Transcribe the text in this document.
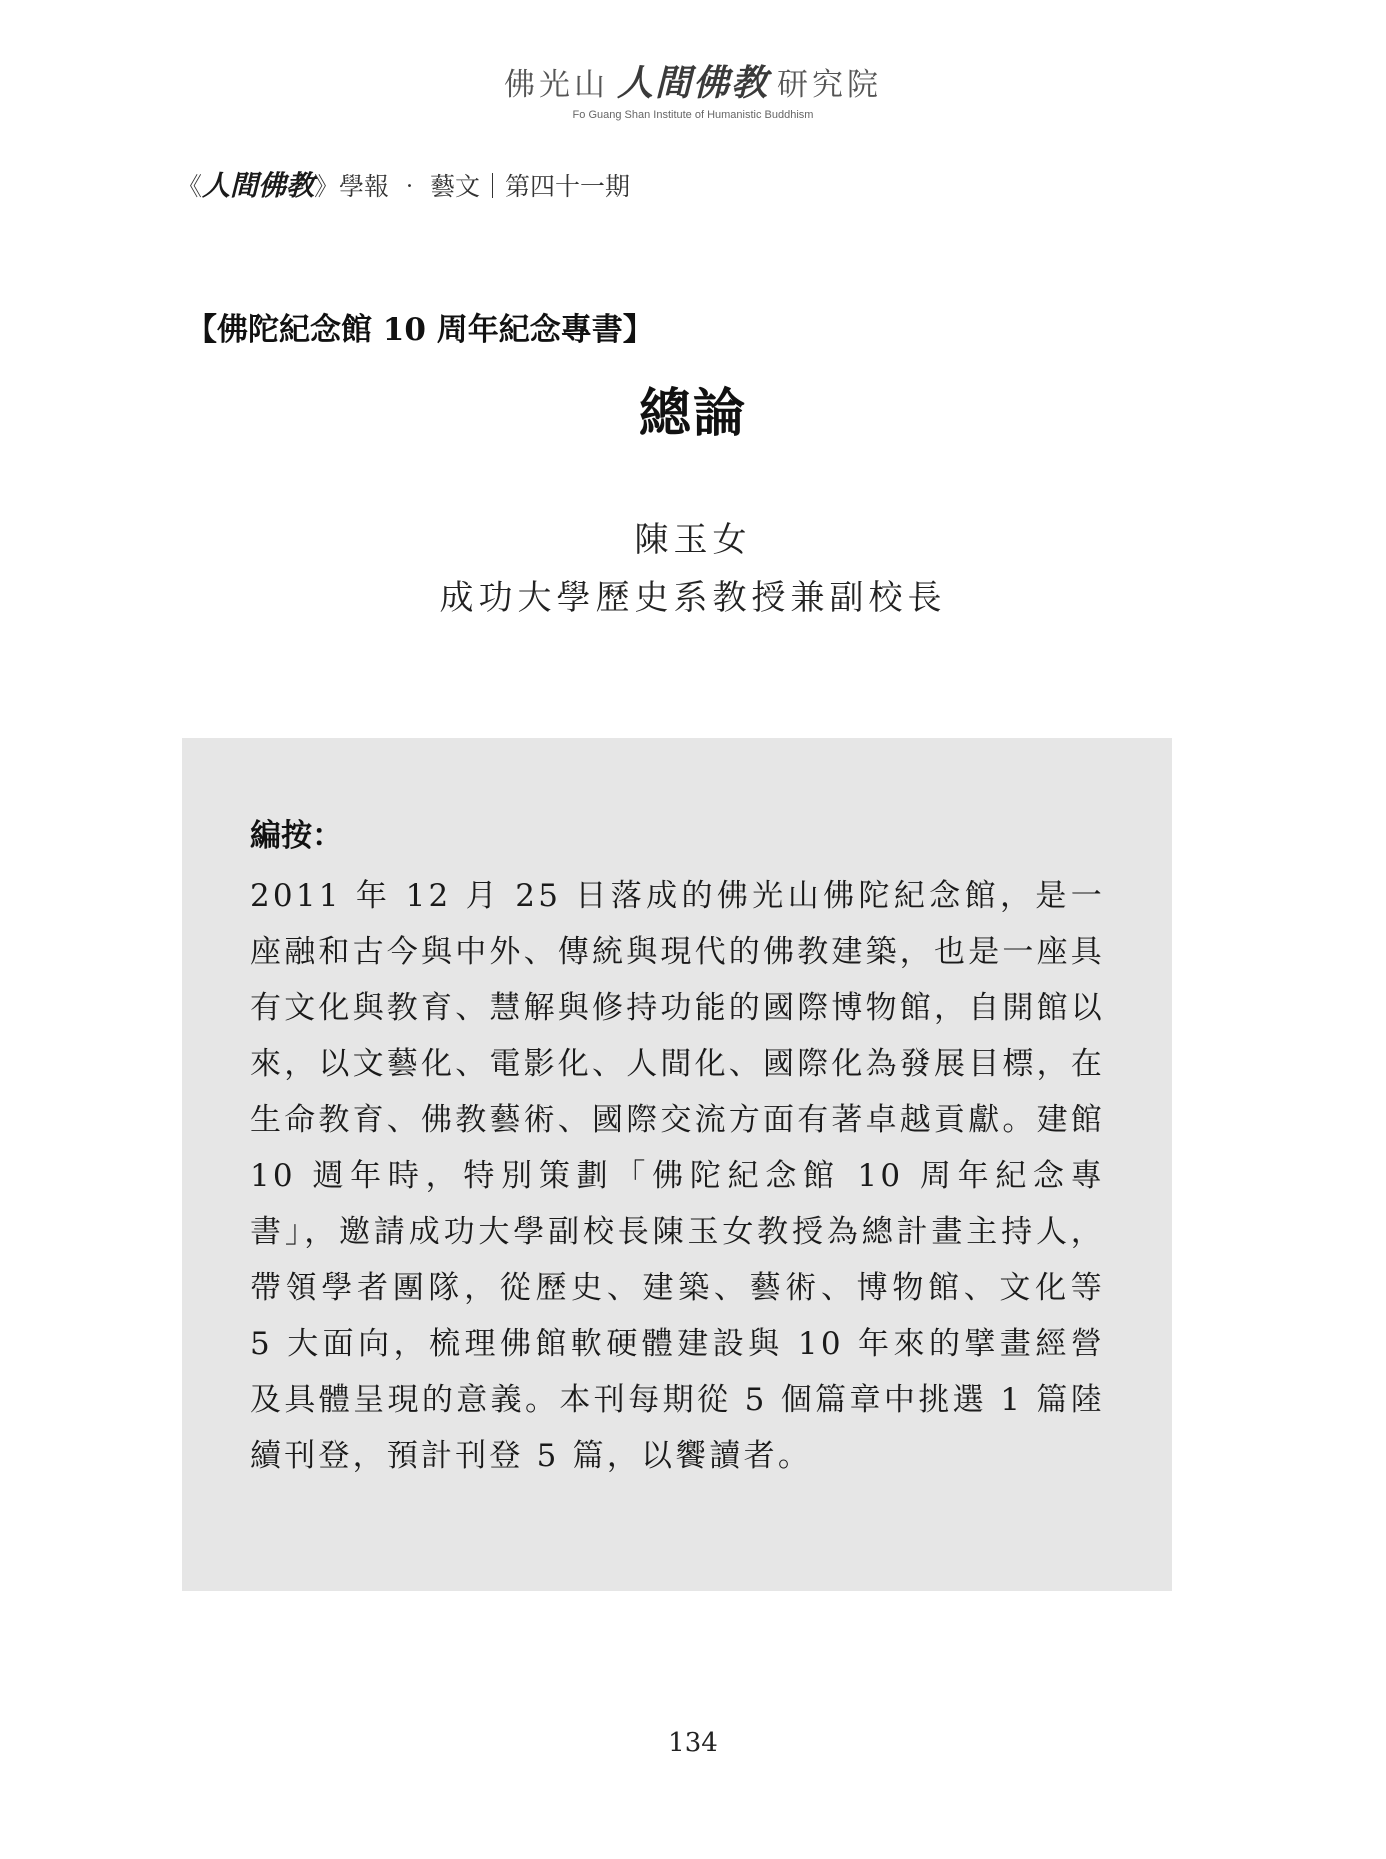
佛光山 人間佛教 研究院
Fo Guang Shan Institute of Humanistic Buddhism
《人間佛教》學報 ‧ 藝文｜第四十一期
【佛陀紀念館 10 周年紀念專書】
總論
陳玉女
成功大學歷史系教授兼副校長
編按：
2011 年 12 月 25 日落成的佛光山佛陀紀念館，是一座融和古今與中外、傳統與現代的佛教建築，也是一座具有文化與教育、慧解與修持功能的國際博物館，自開館以來，以文藝化、電影化、人間化、國際化為發展目標，在生命教育、佛教藝術、國際交流方面有著卓越貢獻。建館 10 週年時，特別策劃「佛陀紀念館 10 周年紀念專書」，邀請成功大學副校長陳玉女教授為總計畫主持人，帶領學者團隊，從歷史、建築、藝術、博物館、文化等 5 大面向，梳理佛館軟硬體建設與 10 年來的擘畫經營及具體呈現的意義。本刊每期從 5 個篇章中挑選 1 篇陸續刊登，預計刊登 5 篇，以饗讀者。
134
